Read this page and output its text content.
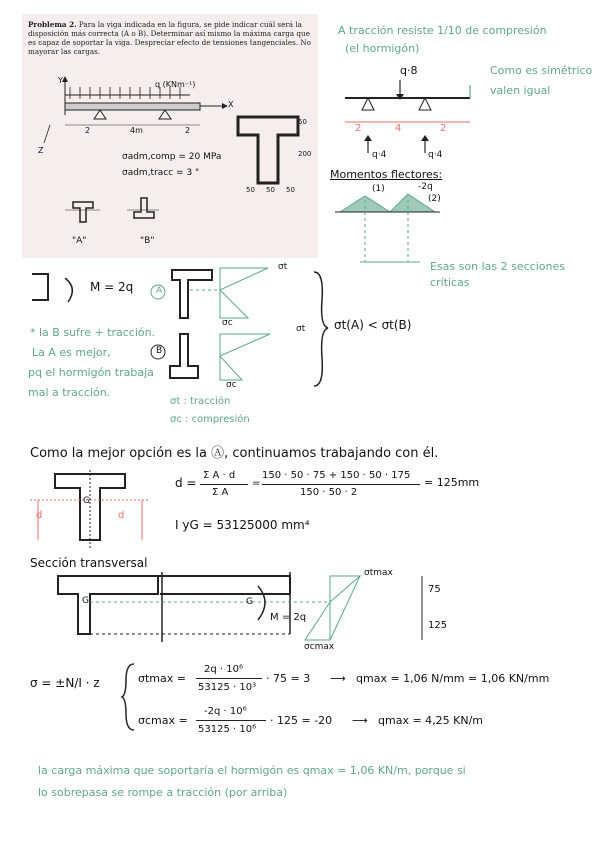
Problema 2. Para la viga indicada en la figura, se pide indicar cuál será la disposición más correcta (A o B). Determinar así mismo la máxima carga que es capaz de soportar la viga. Despreciar efecto de tensiones tangenciales. No mayorar las cargas.
q (KNm⁻¹)
X
Y
Z
2	4m	2
σadm,comp = 20 MPa
σadm,tracc = 3 "
50
200
50 50 50
"A"	"B"
A tracción resiste 1/10 de compresión
(el hormigón)
q·8	Como es simétrico
valen igual
2	4	2
q·4	q·4
Momentos flectores:
(1)	-2q
(2)
Esas son las 2 secciones
críticas
M = 2q	A
σt
σc
B
σt
σc
σt(A) < σt(B)
* la B sufre + tracción.
La A es mejor,
pq el hormigón trabaja
mal a tracción.
σt : tracción
σc : compresión
Como la mejor opción es la Ⓐ, continuamos trabajando con él.
d	d
G
d =
Σ A · d
Σ A
=
150 · 50 · 75 + 150 · 50 · 175
150 · 50 · 2
= 125mm
I yG = 53125000 mm⁴
Sección transversal
G	G
M = 2q
σtmax
σcmax
75
125
σ = ±N/I · z	σtmax =
2q · 10⁶
53125 · 10³
· 75 = 3 ⟶ qmax = 1,06 N/mm = 1,06 KN/mm
σcmax =
-2q · 10⁶
53125 · 10⁶
· 125 = -20 ⟶ qmax = 4,25 KN/m
la carga máxima que soportaría el hormigón es qmax = 1,06 KN/m, porque si
lo sobrepasa se rompe a tracción (por arriba)
